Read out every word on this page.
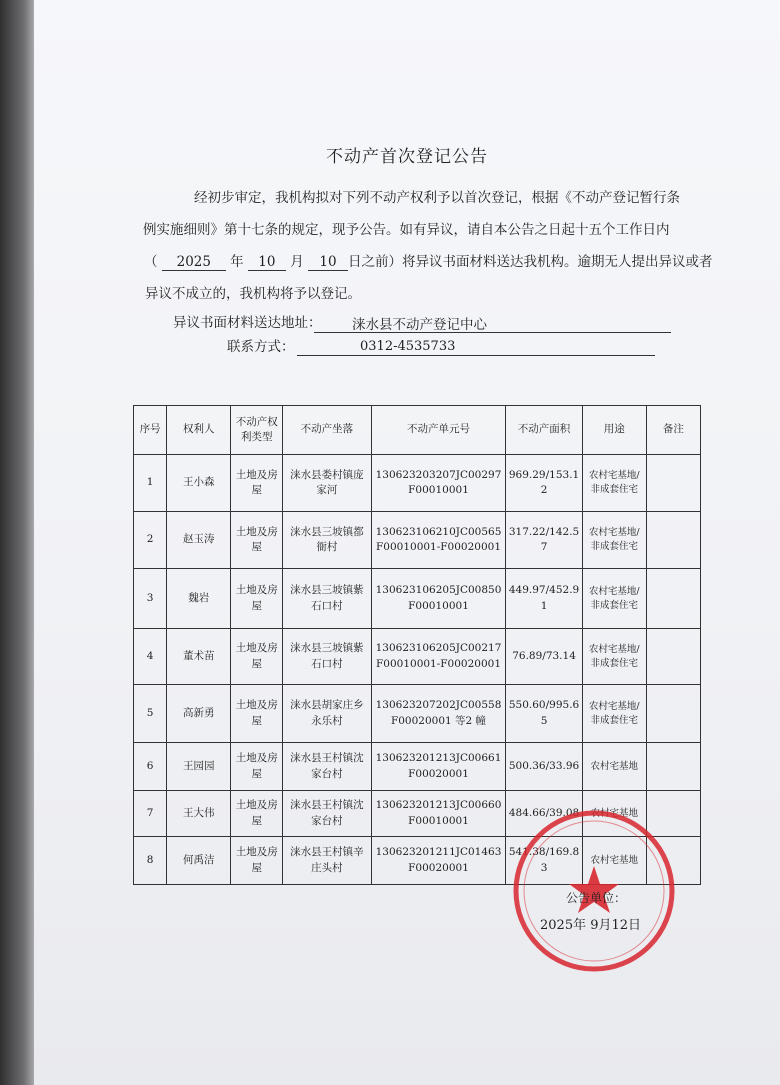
不动产首次登记公告
经初步审定，我机构拟对下列不动产权利予以首次登记，根据《不动产登记暂行条
例实施细则》第十七条的规定，现予公告。如有异议，请自本公告之日起十五个工作日内
（ 2025 年 10 月 10 日之前）将异议书面材料送达我机构。逾期无人提出异议或者
异议不成立的，我机构将予以登记。
异议书面材料送达地址： 涞水县不动产登记中心
联系方式：	0312-4535733
序号	权利人	不动产权利类型	不动产坐落	不动产单元号	不动产面积	用途	备注
1	王小森	土地及房屋	涞水县娄村镇庞家河	130623203207JC00297F00010001	969.29/153.12	农村宅基地/非成套住宅	
2	赵玉涛	土地及房屋	涞水县三坡镇都衙村	130623106210JC00565F00010001-F00020001	317.22/142.57	农村宅基地/非成套住宅	
3	魏岩	土地及房屋	涞水县三坡镇紫石口村	130623106205JC00850F00010001	449.97/452.91	农村宅基地/非成套住宅	
4	董术苗	土地及房屋	涞水县三坡镇紫石口村	130623106205JC00217F00010001-F00020001	76.89/73.14	农村宅基地/非成套住宅	
5	高新勇	土地及房屋	涞水县胡家庄乡永乐村	130623207202JC00558F00020001 等2 幢	550.60/995.65	农村宅基地/非成套住宅	
6	王园园	土地及房屋	涞水县王村镇沈家台村	130623201213JC00661F00020001	500.36/33.96	农村宅基地	
7	王大伟	土地及房屋	涞水县王村镇沈家台村	130623201213JC00660F00010001	484.66/39.08	农村宅基地	
8	何禹洁	土地及房屋	涞水县王村镇辛庄头村	130623201211JC01463F00020001	541.38/169.83	农村宅基地	
公告单位：
2025年 9月12日
